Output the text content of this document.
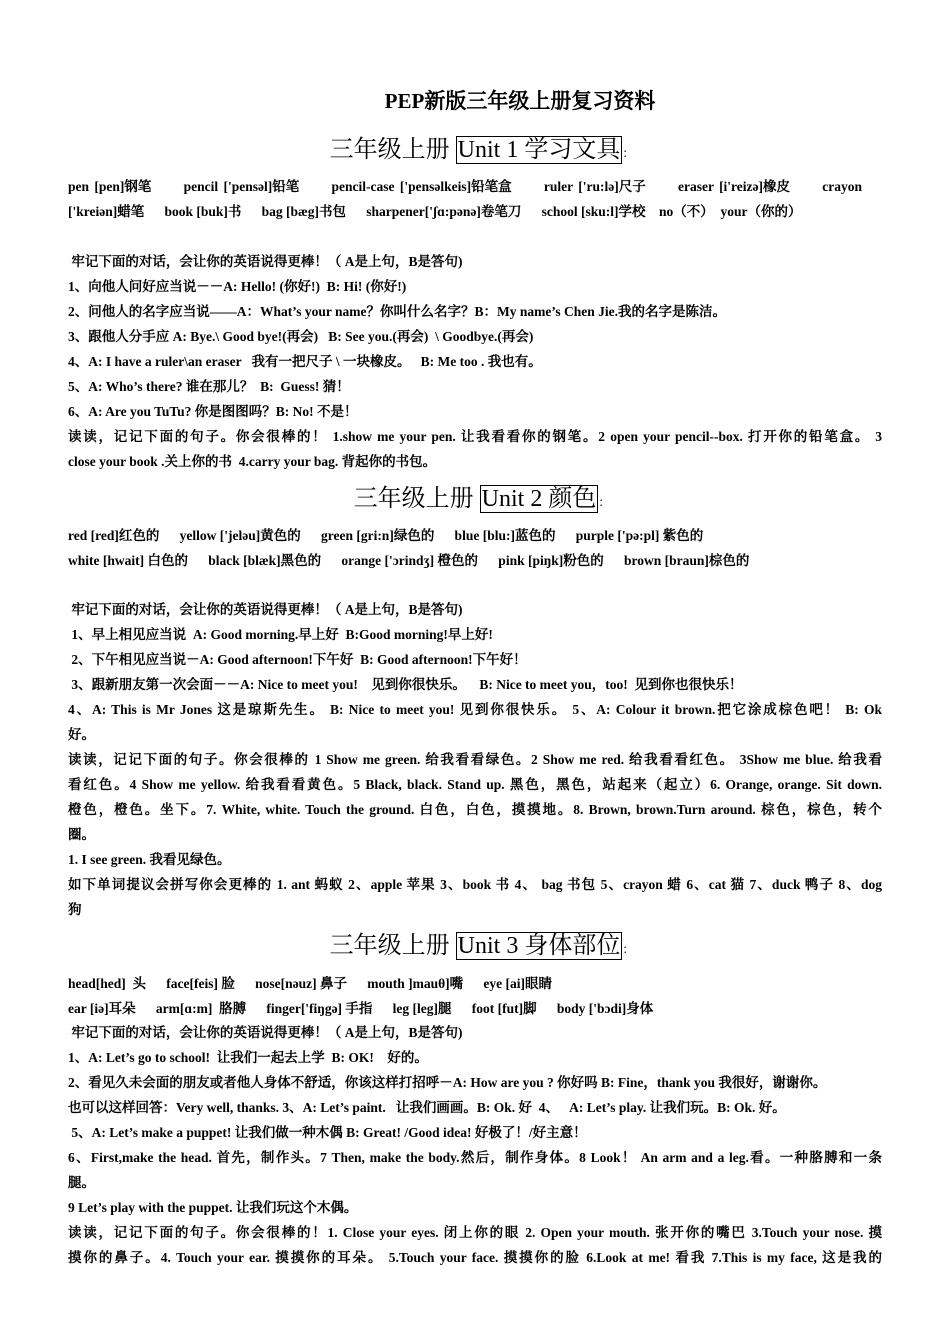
PEP新版三年级上册复习资料
三年级上册 Unit 1 学习文具 ：
pen [pen]钢笔      pencil ['pensəl]铅笔      pencil-case ['pensəlkeis]铅笔盒      ruler ['ru:lə]尺子      eraser [i'reizə]橡皮      crayon
['kreiən]蜡笔      book [buk]书      bag [bæg]书包      sharpener['ʃɑ:pənə]卷笔刀      school [sku:l]学校    no（不）  your（你的）
牢记下面的对话，会让你的英语说得更棒！（ A是上句，B是答句)
1、向他人问好应当说－－A: Hello! (你好!)  B: Hi! (你好!)
2、问他人的名字应当说——A：What’s your name？你叫什么名字？B：My name’s Chen Jie.我的名字是陈洁。
3、跟他人分手应 A: Bye.\ Good bye!(再会)   B: See you.(再会)  \ Goodbye.(再会)
4、A: I have a ruler\an eraser   我有一把尺子 \ 一块橡皮。   B: Me too . 我也有。
5、A: Who’s there? 谁在那儿？  B:  Guess! 猜！
6、A: Are you TuTu? 你是图图吗？B: No! 不是！
读读，记记下面的句子。你会很棒的！ 1.show me your pen. 让我看看你的钢笔。2 open your pencil--box. 打开你的铅笔盒。 3
close your book .关上你的书  4.carry your bag. 背起你的书包。
三年级上册 Unit 2 颜色 ：
red [red]红色的      yellow ['jeləu]黄色的      green [gri:n]绿色的      blue [blu:]蓝色的      purple ['pə:pl] 紫色的
white [hwait] 白色的      black [blæk]黑色的      orange ['ɔrindʒ] 橙色的      pink [piŋk]粉色的      brown [braun]棕色的
牢记下面的对话，会让你的英语说得更棒！（ A是上句，B是答句)
1、早上相见应当说  A: Good morning.早上好  B:Good morning!早上好!
2、下午相见应当说－A: Good afternoon!下午好  B: Good afternoon!下午好！
3、跟新朋友第一次会面－－A: Nice to meet you!    见到你很快乐。    B: Nice to meet you，too!  见到你也很快乐！
4、A: This is Mr Jones 这是琼斯先生。 B: Nice to meet you! 见到你很快乐。 5、A: Colour it brown.把它涂成棕色吧！ B: Ok
好。
读读，记记下面的句子。你会很棒的 1 Show me green. 给我看看绿色。2 Show me red. 给我看看红色。 3Show me blue. 给我看
看红色。4 Show me yellow. 给我看看黄色。5 Black, black. Stand up. 黑色，黑色，站起来（起立）6. Orange, orange. Sit down.
橙色，橙色。坐下。7. White, white. Touch the ground. 白色，白色，摸摸地。8. Brown, brown.Turn around. 棕色，棕色，转个
圈。
1. I see green. 我看见绿色。
如下单词提议会拼写你会更棒的 1. ant 蚂蚁 2、apple 苹果 3、book 书 4、 bag 书包 5、crayon 蜡 6、cat 猫 7、duck 鸭子 8、dog
狗
三年级上册 Unit 3 身体部位 ：
head[hed]  头      face[feis] 脸      nose[nəuz] 鼻子      mouth ]mauθ]嘴      eye [ai]眼睛
ear [iə]耳朵      arm[ɑ:m]  胳膊      finger['fiŋgə] 手指      leg [leg]腿      foot [fut]脚      body ['bɔdi]身体
牢记下面的对话，会让你的英语说得更棒！（ A是上句，B是答句)
1、A: Let’s go to school!  让我们一起去上学  B: OK!    好的。
2、看见久未会面的朋友或者他人身体不舒适，你该这样打招呼－A: How are you ? 你好吗 B: Fine，thank you 我很好，谢谢你。
也可以这样回答：Very well, thanks. 3、A: Let’s paint.   让我们画画。B: Ok. 好  4、   A: Let’s play. 让我们玩。B: Ok. 好。
5、A: Let’s make a puppet! 让我们做一种木偶 B: Great! /Good idea! 好极了！/好主意！
6、First,make the head. 首先，制作头。7 Then, make the body.然后，制作身体。8 Look！ An arm and a leg.看。一种胳膊和一条
腿。
9 Let’s play with the puppet. 让我们玩这个木偶。
读读，记记下面的句子。你会很棒的！1. Close your eyes. 闭上你的眼 2. Open your mouth. 张开你的嘴巴 3.Touch your nose. 摸
摸你的鼻子。4. Touch your ear. 摸摸你的耳朵。 5.Touch your face. 摸摸你的脸 6.Look at me! 看我 7.This is my face, 这是我的
